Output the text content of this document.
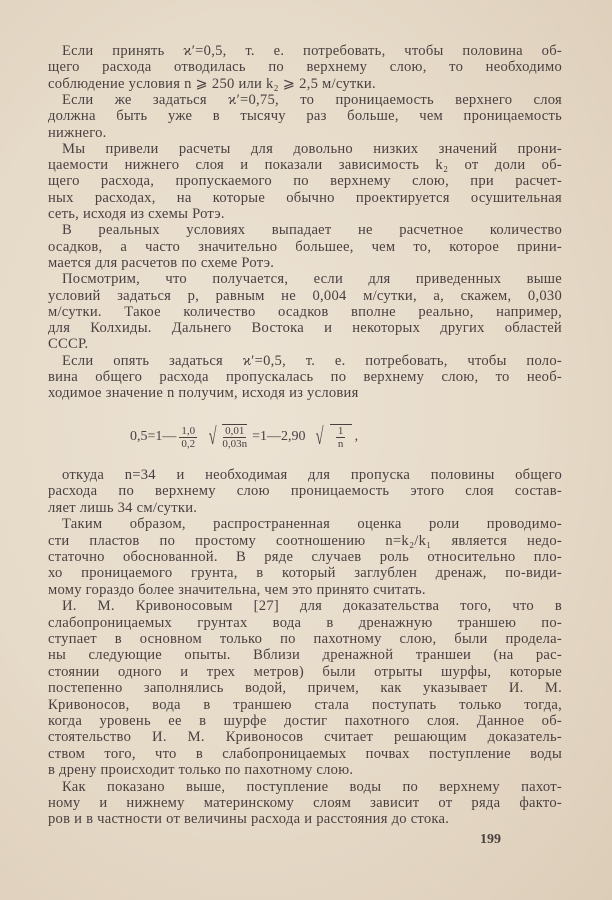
0,5=1— $\frac{1,0}{0,2}$ √ $\frac{0,01}{0,03n}$ =1—2,90 √ $\frac{1}{n}$ ,
199
Если принять ϰ′=0,5, т. е. потребовать, чтобы половина об-
щего расхода отводилась по верхнему слою, то необходимо
соблюдение условия n ⩾ 250 или k₂ ⩾ 2,5 м/сутки.
Если же задаться ϰ′=0,75, то проницаемость верхнего слоя
должна быть уже в тысячу раз больше, чем проницаемость
нижнего.
Мы привели расчеты для довольно низких значений прони-
цаемости нижнего слоя и показали зависимость k₂ от доли об-
щего расхода, пропускаемого по верхнему слою, при расчет-
ных расходах, на которые обычно проектируется осушительная
сеть, исходя из схемы Ротэ.
В реальных условиях выпадает не расчетное количество
осадков, а часто значительно большее, чем то, которое прини-
мается для расчетов по схеме Ротэ.
Посмотрим, что получается, если для приведенных выше
условий задаться p, равным не 0,004 м/сутки, а, скажем, 0,030
м/сутки. Такое количество осадков вполне реально, например,
для Колхиды. Дальнего Востока и некоторых других областей
СССР.
Если опять задаться ϰ′=0,5, т. е. потребовать, чтобы поло-
вина общего расхода пропускалась по верхнему слою, то необ-
ходимое значение n получим, исходя из условия
откуда n=34 и необходимая для пропуска половины общего
расхода по верхнему слою проницаемость этого слоя состав-
ляет лишь 34 см/сутки.
Таким образом, распространенная оценка роли проводимо-
сти пластов по простому соотношению n=k₂/k₁ является недо-
статочно обоснованной. В ряде случаев роль относительно пло-
хо проницаемого грунта, в который заглублен дренаж, по-види-
мому гораздо более значительна, чем это принято считать.
И. М. Кривоносовым [27] для доказательства того, что в
слабопроницаемых грунтах вода в дренажную траншею по-
ступает в основном только по пахотному слою, были продела-
ны следующие опыты. Вблизи дренажной траншеи (на рас-
стоянии одного и трех метров) были отрыты шурфы, которые
постепенно заполнялись водой, причем, как указывает И. М.
Кривоносов, вода в траншею стала поступать только тогда,
когда уровень ее в шурфе достиг пахотного слоя. Данное об-
стоятельство И. М. Кривоносов считает решающим доказатель-
ством того, что в слабопроницаемых почвах поступление воды
в дрену происходит только по пахотному слою.
Как показано выше, поступление воды по верхнему пахот-
ному и нижнему материнскому слоям зависит от ряда факто-
ров и в частности от величины расхода и расстояния до стока.
